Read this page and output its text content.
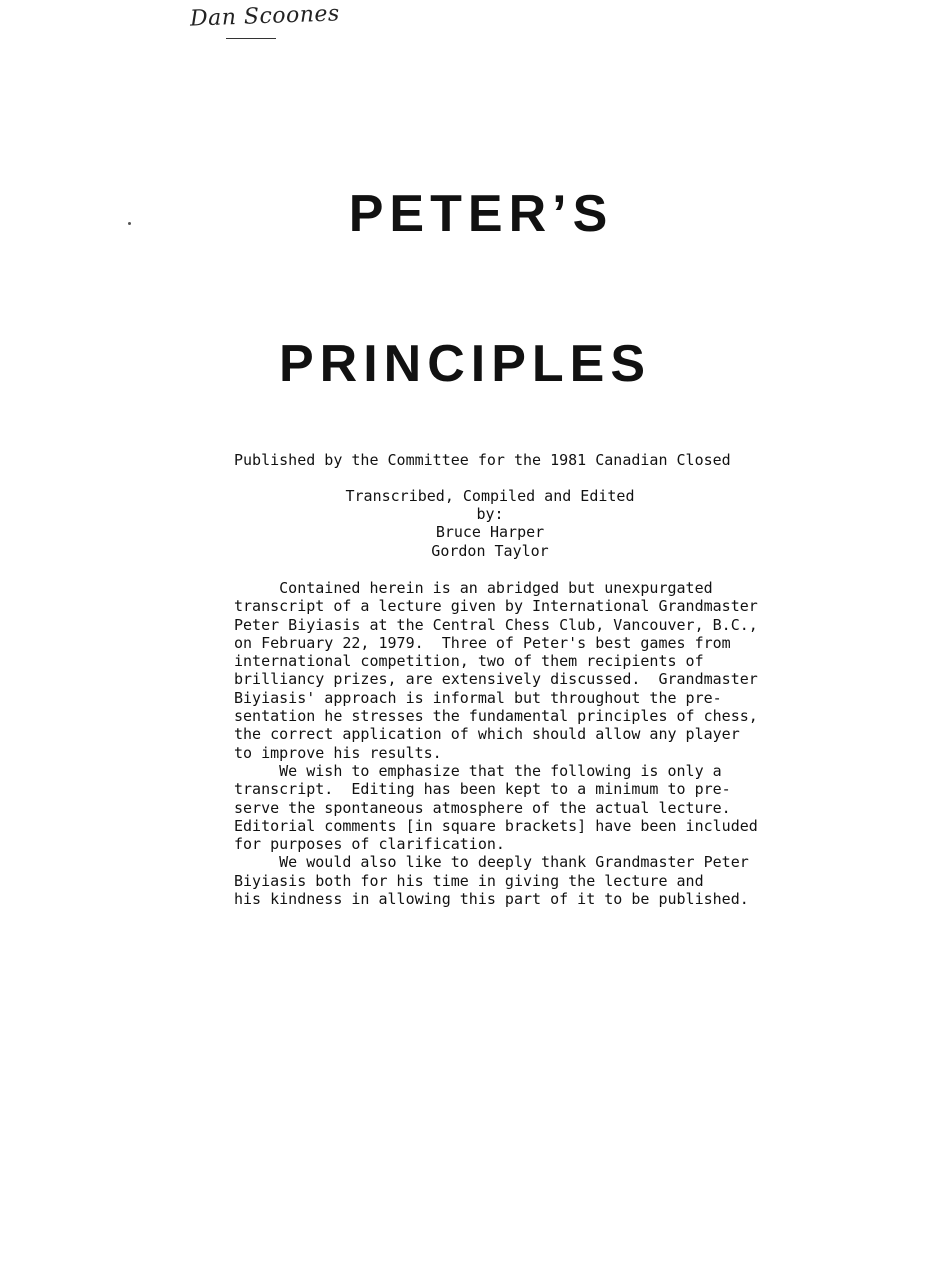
Dan Scoones
PETER’S
PRINCIPLES

Published by the Committee for the 1981 Canadian Closed

Transcribed, Compiled and Edited
by:
Bruce Harper
Gordon Taylor
Contained herein is an abridged but unexpurgated
transcript of a lecture given by International Grandmaster
Peter Biyiasis at the Central Chess Club, Vancouver, B.C.,
on February 22, 1979.  Three of Peter's best games from
international competition, two of them recipients of
brilliancy prizes, are extensively discussed.  Grandmaster
Biyiasis' approach is informal but throughout the pre-
sentation he stresses the fundamental principles of chess,
the correct application of which should allow any player
to improve his results.
We wish to emphasize that the following is only a
transcript.  Editing has been kept to a minimum to pre-
serve the spontaneous atmosphere of the actual lecture.
Editorial comments [in square brackets] have been included
for purposes of clarification.
We would also like to deeply thank Grandmaster Peter
Biyiasis both for his time in giving the lecture and
his kindness in allowing this part of it to be published.
